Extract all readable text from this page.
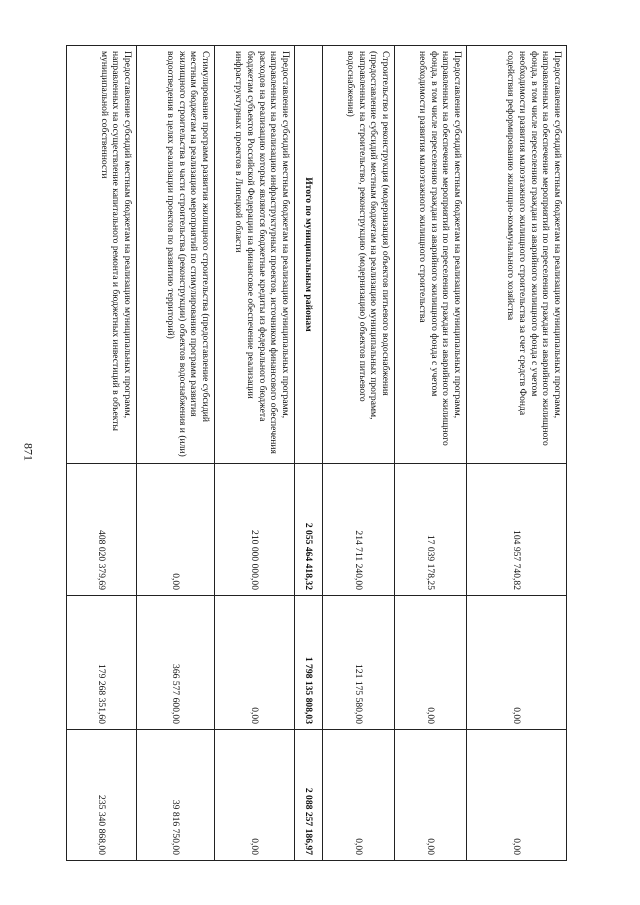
871
Предоставление субсидий местным бюджетам на реализацию муниципальных программ, направленных на обеспечение мероприятий по переселению граждан из аварийного жилищного фонда, в том числе переселению граждан из аварийного жилищного фонда с учетом необходимости развития малоэтажного жилищного строительства за счет средств Фонда содействия реформированию жилищно-коммунального хозяйства	104 957 740,82	0,00	0,00
Предоставление субсидий местным бюджетам на реализацию муниципальных программ, направленных на обеспечение мероприятий по переселению граждан из аварийного жилищного фонда, в том числе переселению граждан из аварийного жилищного фонда с учетом необходимости развития малоэтажного жилищного строительства	17 039 178,25	0,00	0,00
Строительство и реконструкция (модернизация) объектов питьевого водоснабжения (предоставление субсидий местным бюджетам на реализацию муниципальных программ, направленных на строительство, реконструкцию (модернизацию) объектов питьевого водоснабжения)	214 711 240,00	121 175 580,00	0,00
Итого по муниципальным районам	2 055 464 418,32	1 798 135 808,03	2 088 257 186,97
Предоставление субсидий местным бюджетам на реализацию муниципальных программ, направленных на реализацию инфраструктурных проектов, источником финансового обеспечения расходов на реализацию которых являются бюджетные кредиты из федерального бюджета бюджетам субъектов Российской Федерации на финансовое обеспечение реализации инфраструктурных проектов в Липецкой области	210 000 000,00	0,00	0,00
Стимулирование программ развития жилищного строительства (предоставление субсидий местным бюджетам на реализацию мероприятий по стимулированию программ развития жилищного строительства в части строительства (реконструкции) объектов водоснабжения и (или) водоотведения в целях реализации проектов по развитию территорий)	0,00	366 577 600,00	39 816 750,00
Предоставление субсидий местным бюджетам на реализацию муниципальных программ, направленных на осуществление капитального ремонта и бюджетных инвестиций в объекты муниципальной собственности	408 020 379,69	179 268 351,60	235 340 868,00
